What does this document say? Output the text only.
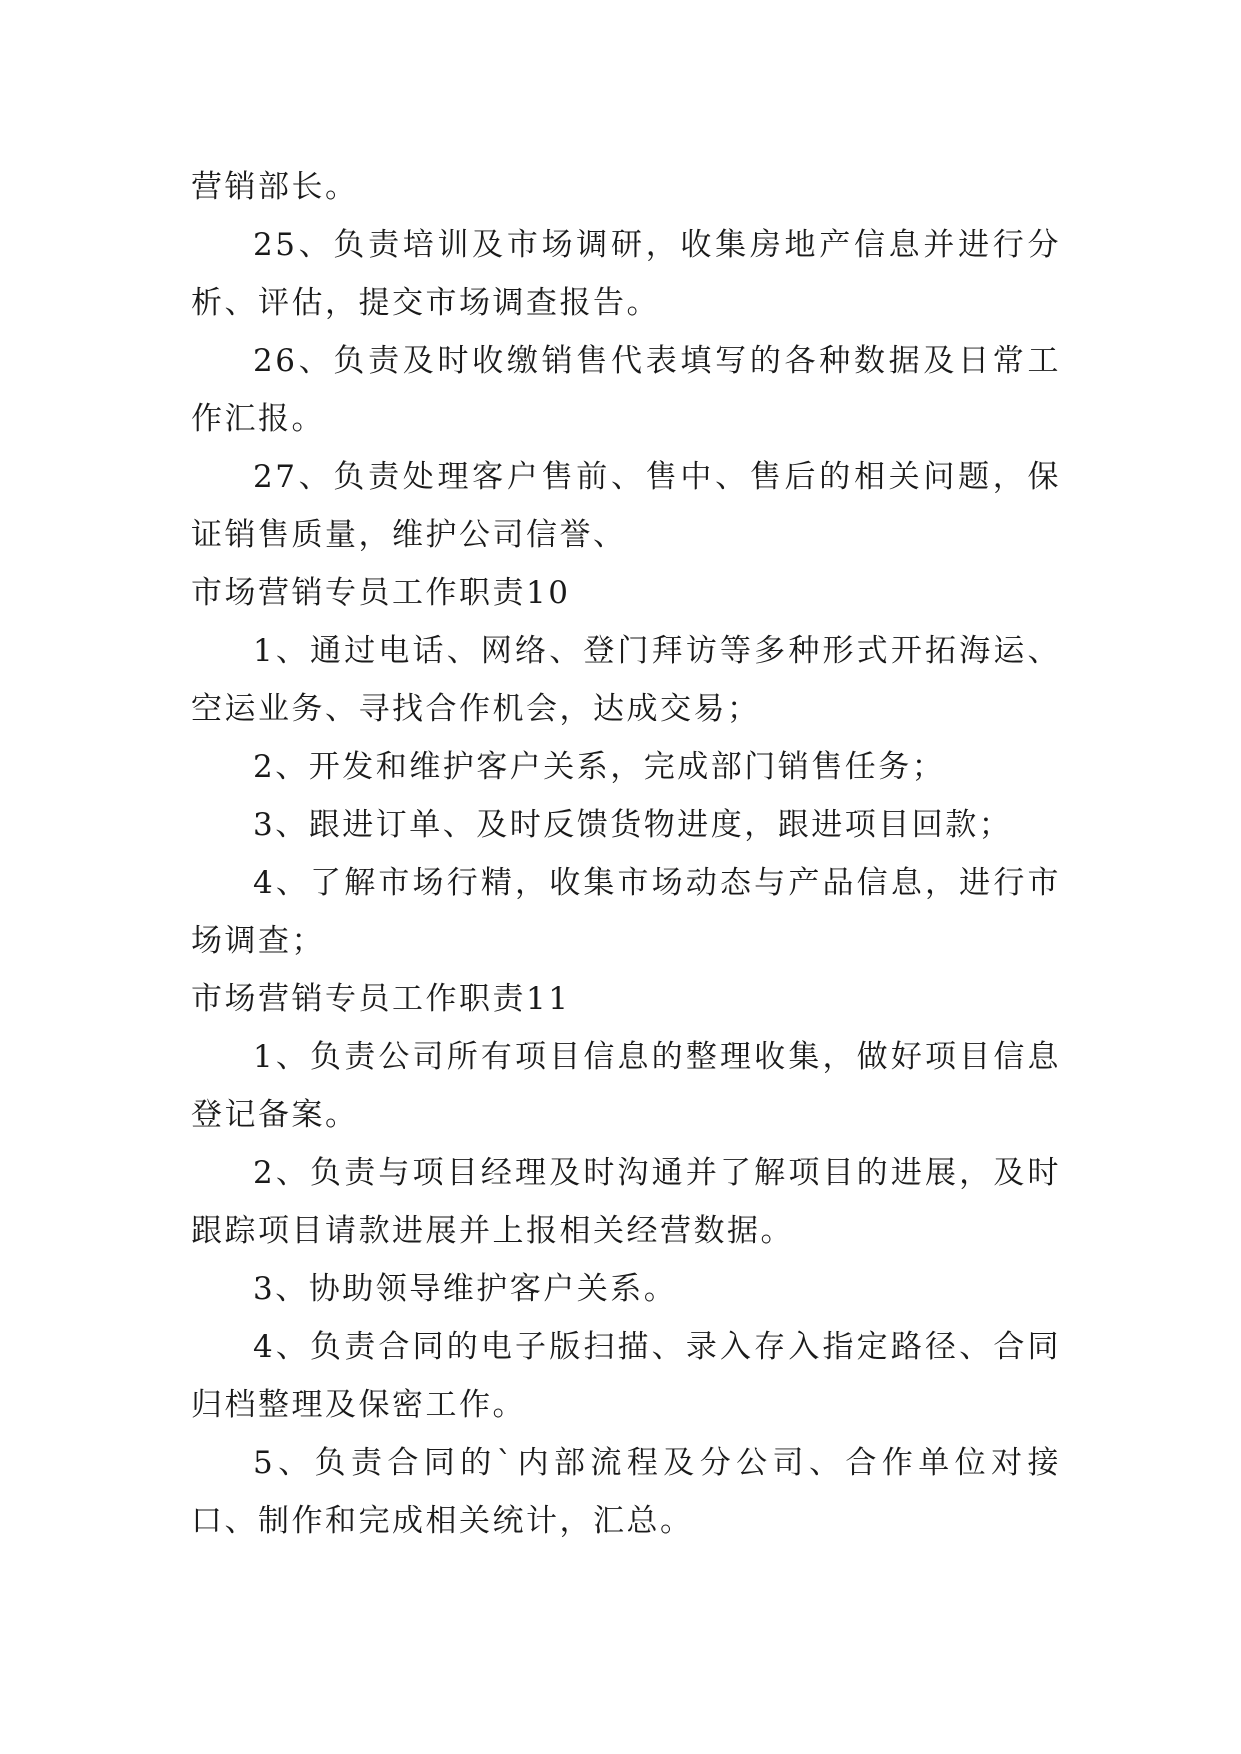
营销部长。

25、负责培训及市场调研，收集房地产信息并进行分析、评估，提交市场调查报告。

26、负责及时收缴销售代表填写的各种数据及日常工作汇报。

27、负责处理客户售前、售中、售后的相关问题，保证销售质量，维护公司信誉、

市场营销专员工作职责10

1、通过电话、网络、登门拜访等多种形式开拓海运、空运业务、寻找合作机会，达成交易；

2、开发和维护客户关系，完成部门销售任务；

3、跟进订单、及时反馈货物进度，跟进项目回款；

4、了解市场行精，收集市场动态与产品信息，进行市场调查；

市场营销专员工作职责11

1、负责公司所有项目信息的整理收集，做好项目信息登记备案。

2、负责与项目经理及时沟通并了解项目的进展，及时跟踪项目请款进展并上报相关经营数据。

3、协助领导维护客户关系。

4、负责合同的电子版扫描、录入存入指定路径、合同归档整理及保密工作。

5、负责合同的`内部流程及分公司、合作单位对接口、制作和完成相关统计，汇总。
